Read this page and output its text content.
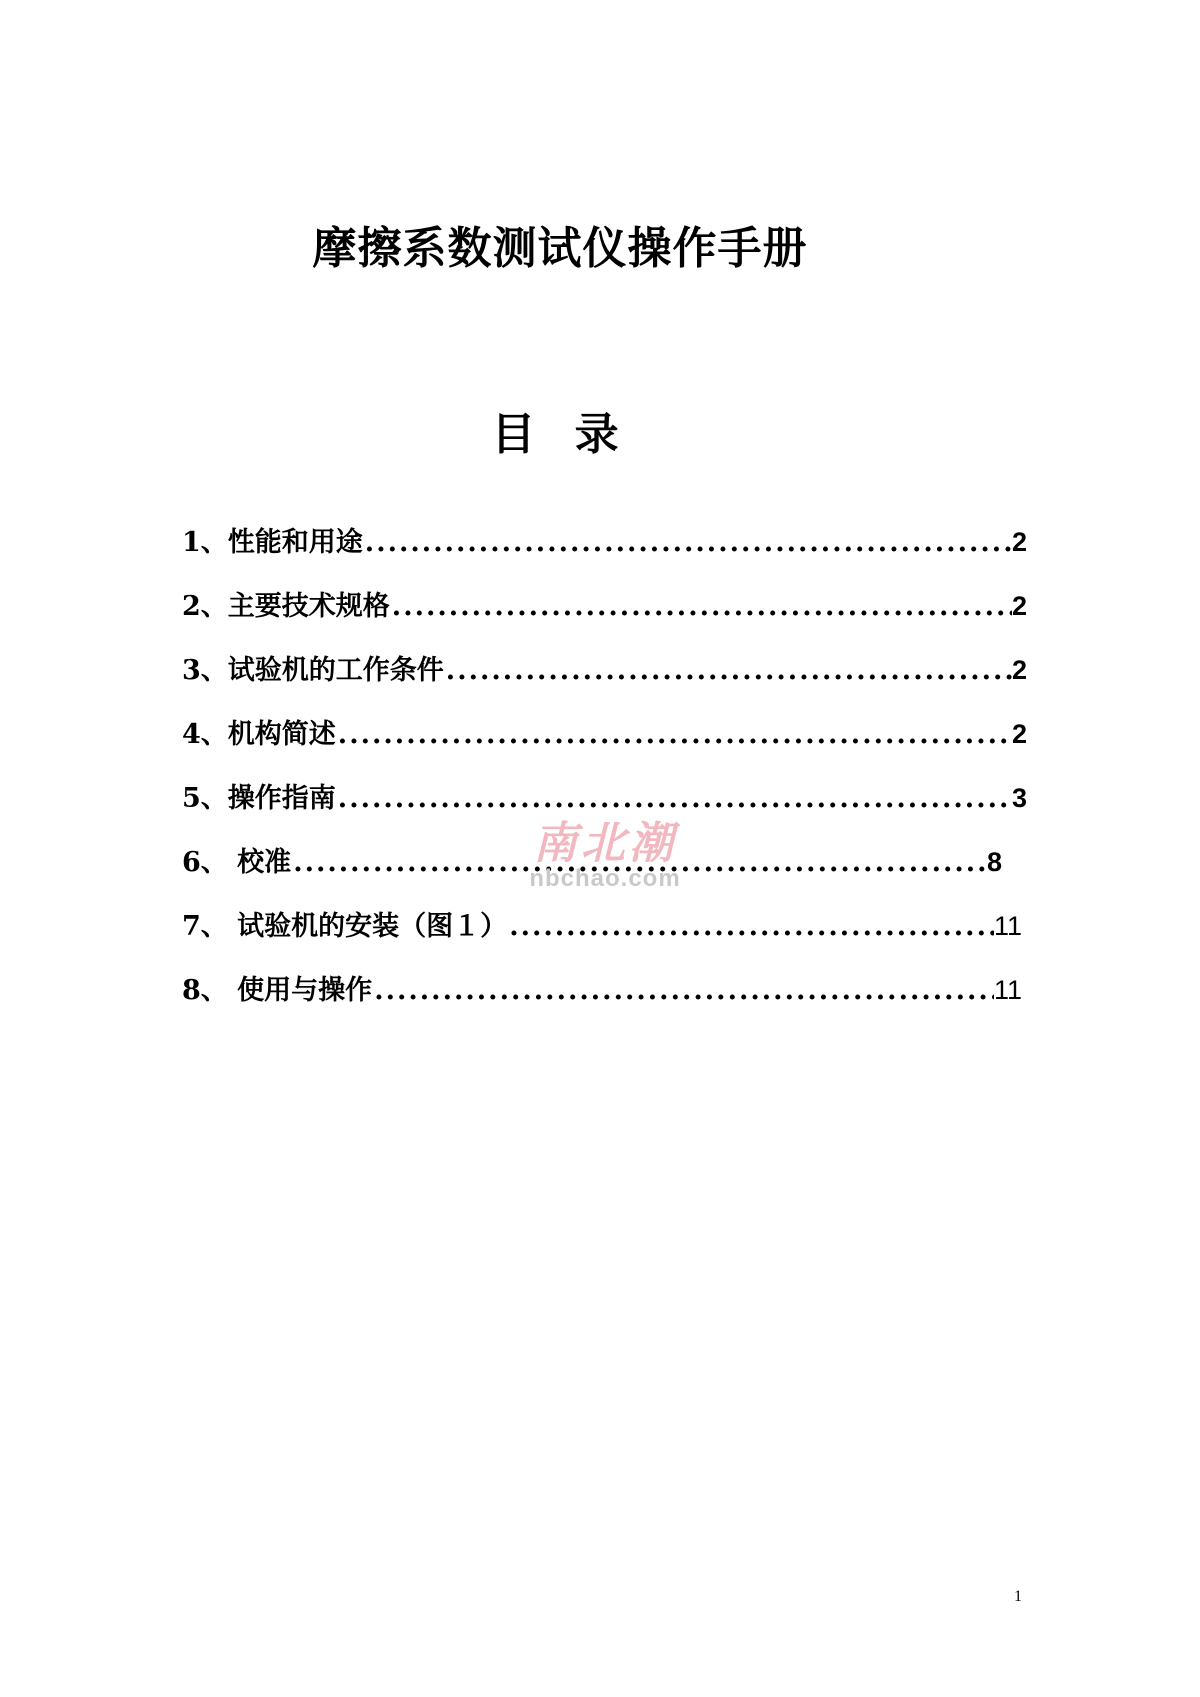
摩擦系数测试仪操作手册
目 录
1、性能和用途 .....	2
2、主要技术规格 .....	2
3、试验机的工作条件 .....	2
4、机构简述 .....	2
5、操作指南 .....	3
6、 校准 .....	8
7、 试验机的安装（图１） .....	11
8、 使用与操作 .....	11
南北潮
nbchao.com
1
